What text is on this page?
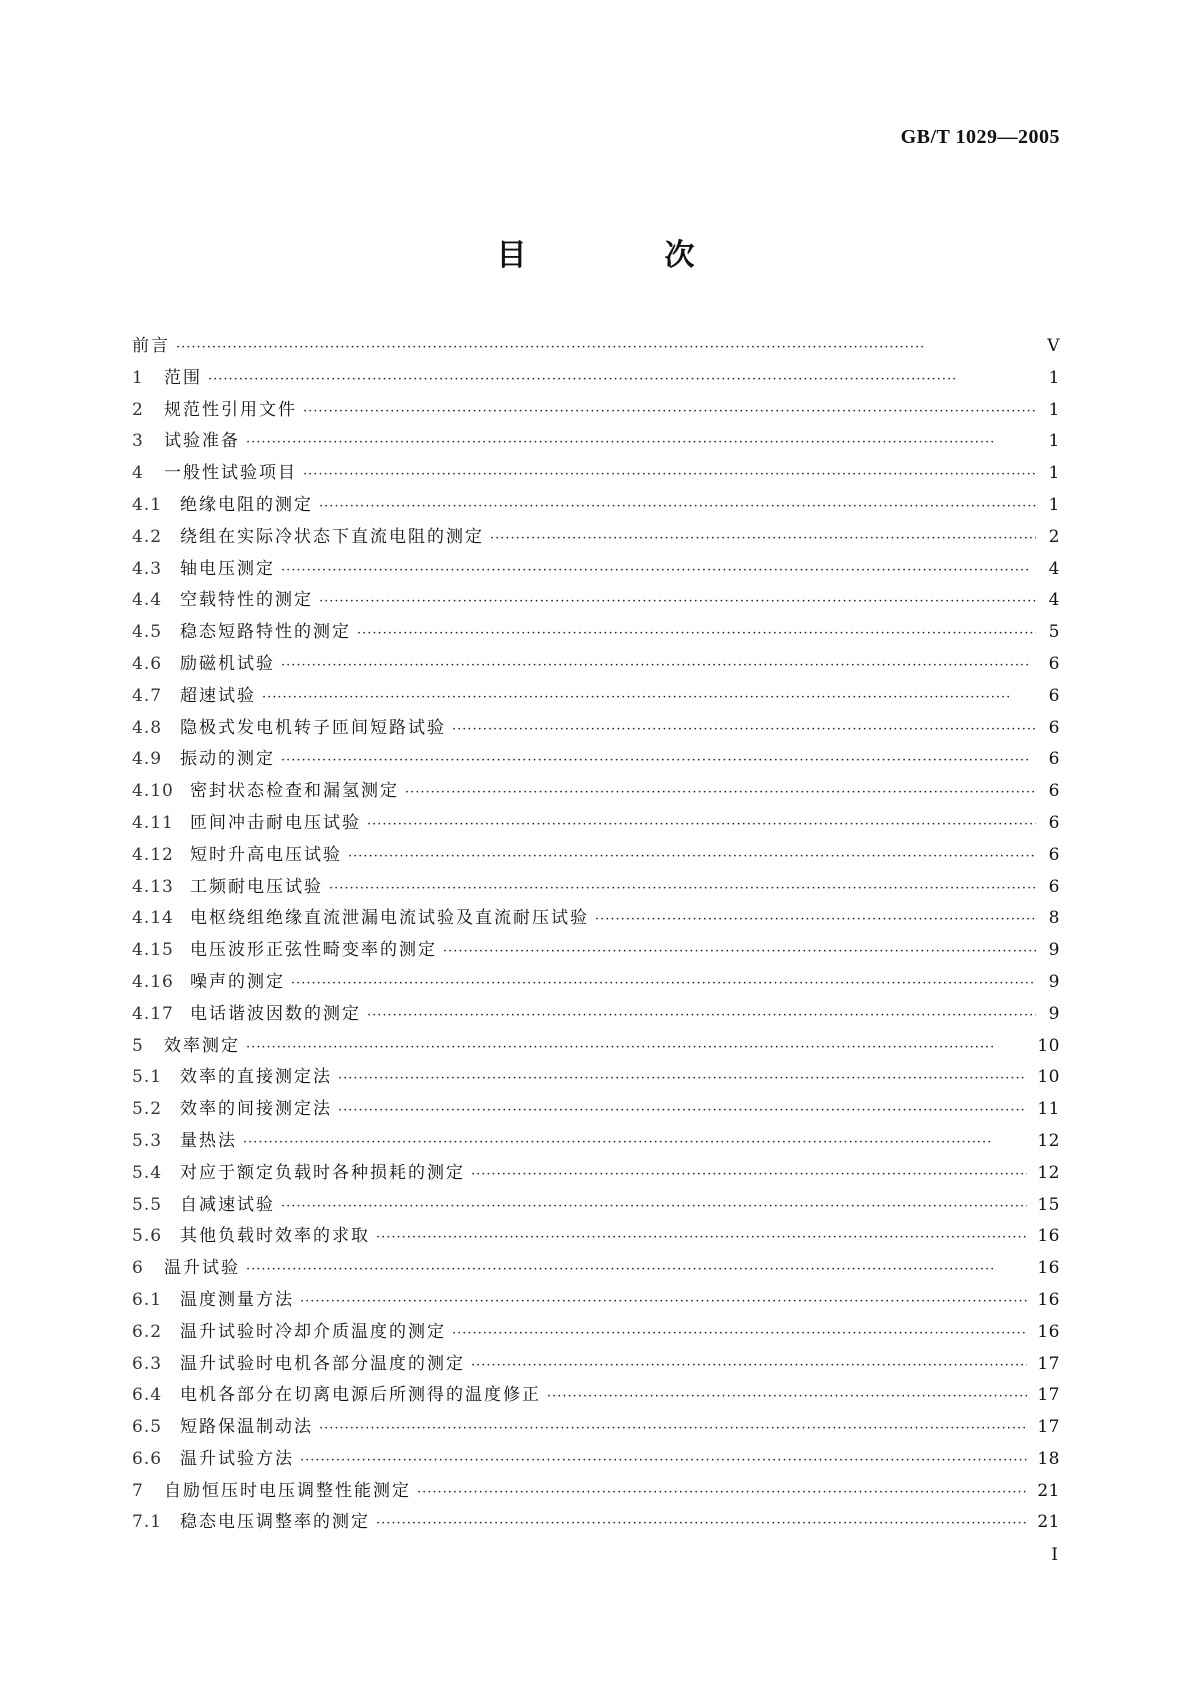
GB/T 1029—2005
目　次
前言 ·····	V
1	范围 ·····	1
2	规范性引用文件 ·····	1
3	试验准备 ·····	1
4	一般性试验项目 ·····	1
4.1	绝缘电阻的测定 ·····	1
4.2	绕组在实际冷状态下直流电阻的测定 ·····	2
4.3	轴电压测定 ·····	4
4.4	空载特性的测定 ·····	4
4.5	稳态短路特性的测定 ·····	5
4.6	励磁机试验 ·····	6
4.7	超速试验 ·····	6
4.8	隐极式发电机转子匝间短路试验 ·····	6
4.9	振动的测定 ·····	6
4.10 密封状态检查和漏氢测定 ·····	6
4.11 匝间冲击耐电压试验 ·····	6
4.12 短时升高电压试验 ·····	6
4.13 工频耐电压试验 ·····	6
4.14 电枢绕组绝缘直流泄漏电流试验及直流耐压试验 ·····	8
4.15 电压波形正弦性畸变率的测定 ·····	9
4.16 噪声的测定 ·····	9
4.17 电话谐波因数的测定 ·····	9
5	效率测定 ·····	10
5.1	效率的直接测定法 ·····	10
5.2	效率的间接测定法 ·····	11
5.3	量热法 ·····	12
5.4	对应于额定负载时各种损耗的测定 ·····	12
5.5	自减速试验 ·····	15
5.6	其他负载时效率的求取 ·····	16
6	温升试验 ·····	16
6.1	温度测量方法 ·····	16
6.2	温升试验时冷却介质温度的测定 ·····	16
6.3	温升试验时电机各部分温度的测定 ·····	17
6.4	电机各部分在切离电源后所测得的温度修正 ·····	17
6.5	短路保温制动法 ·····	17
6.6	温升试验方法 ·····	18
7	自励恒压时电压调整性能测定 ·····	21
7.1	稳态电压调整率的测定 ·····	21
I
